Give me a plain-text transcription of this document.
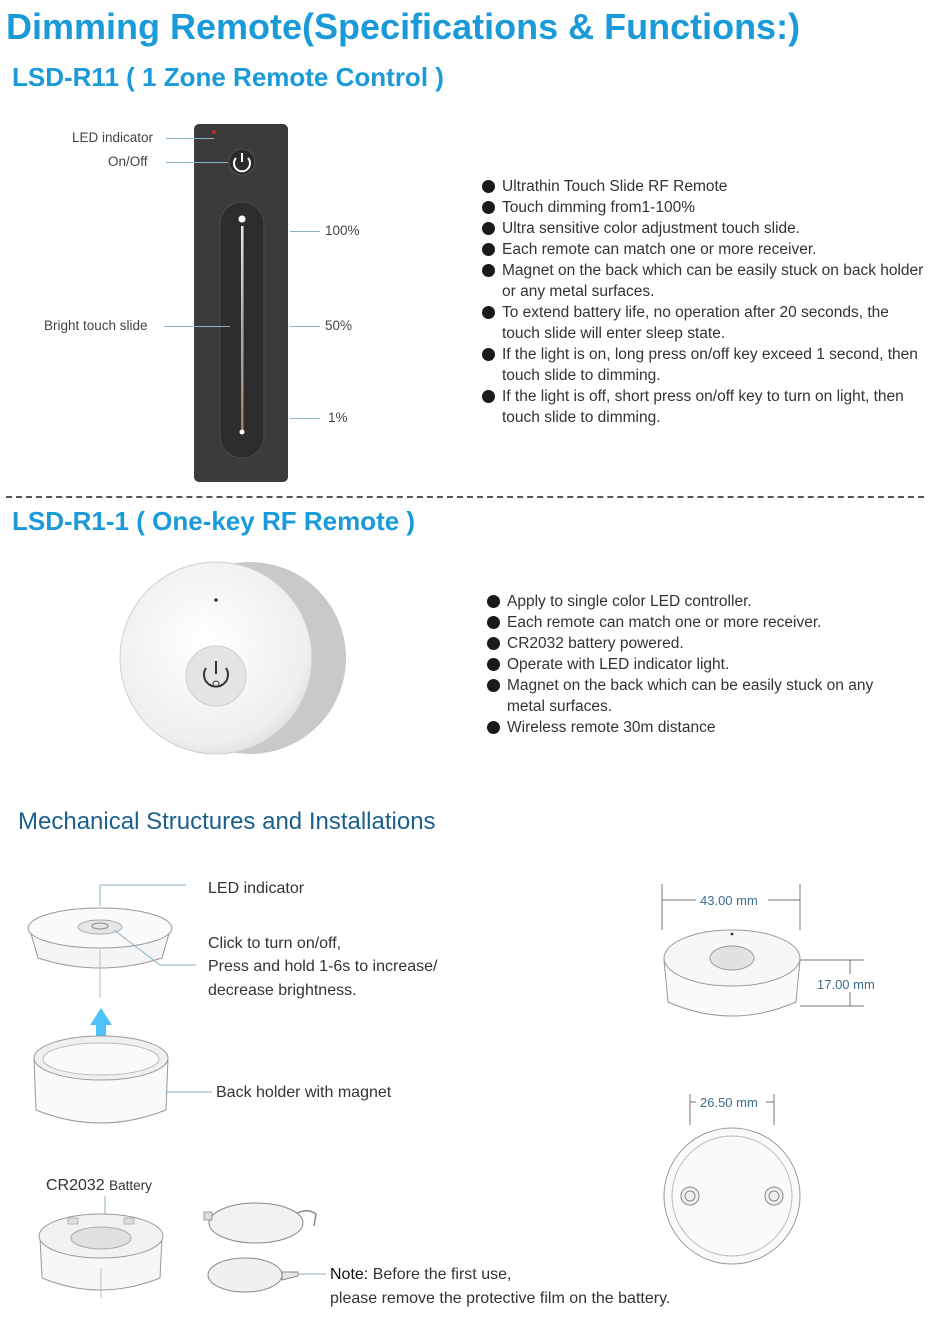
Dimming Remote(Specifications & Functions:)
LSD-R11 ( 1 Zone Remote Control )
LED indicator
On/Off
Bright touch slide
100%
50%
1%
Ultrathin Touch Slide RF Remote
Touch dimming from1-100%
Ultra sensitive color adjustment touch slide.
Each remote can match one or more receiver.
Magnet on the back which can be easily stuck on back holder or any metal surfaces.
To extend battery life, no operation after 20 seconds, the touch slide will enter sleep state.
If the light is on, long press on/off key exceed 1 second, then touch slide to dimming.
If the light is off, short press on/off key to turn on light, then touch slide to dimming.
LSD-R1-1 ( One-key RF Remote )
Apply to single color LED controller.
Each remote can match one or more receiver.
CR2032 battery powered.
Operate with LED indicator light.
Magnet on the back which can be easily stuck on any metal surfaces.
Wireless remote 30m distance
Mechanical Structures and Installations
LED indicator
Click to turn on/off,
Press and hold 1-6s to increase/
decrease brightness.
Back holder with magnet
CR2032 Battery
Note: Before the first use,
please remove the protective film on the battery.
43.00 mm
17.00 mm
26.50 mm
